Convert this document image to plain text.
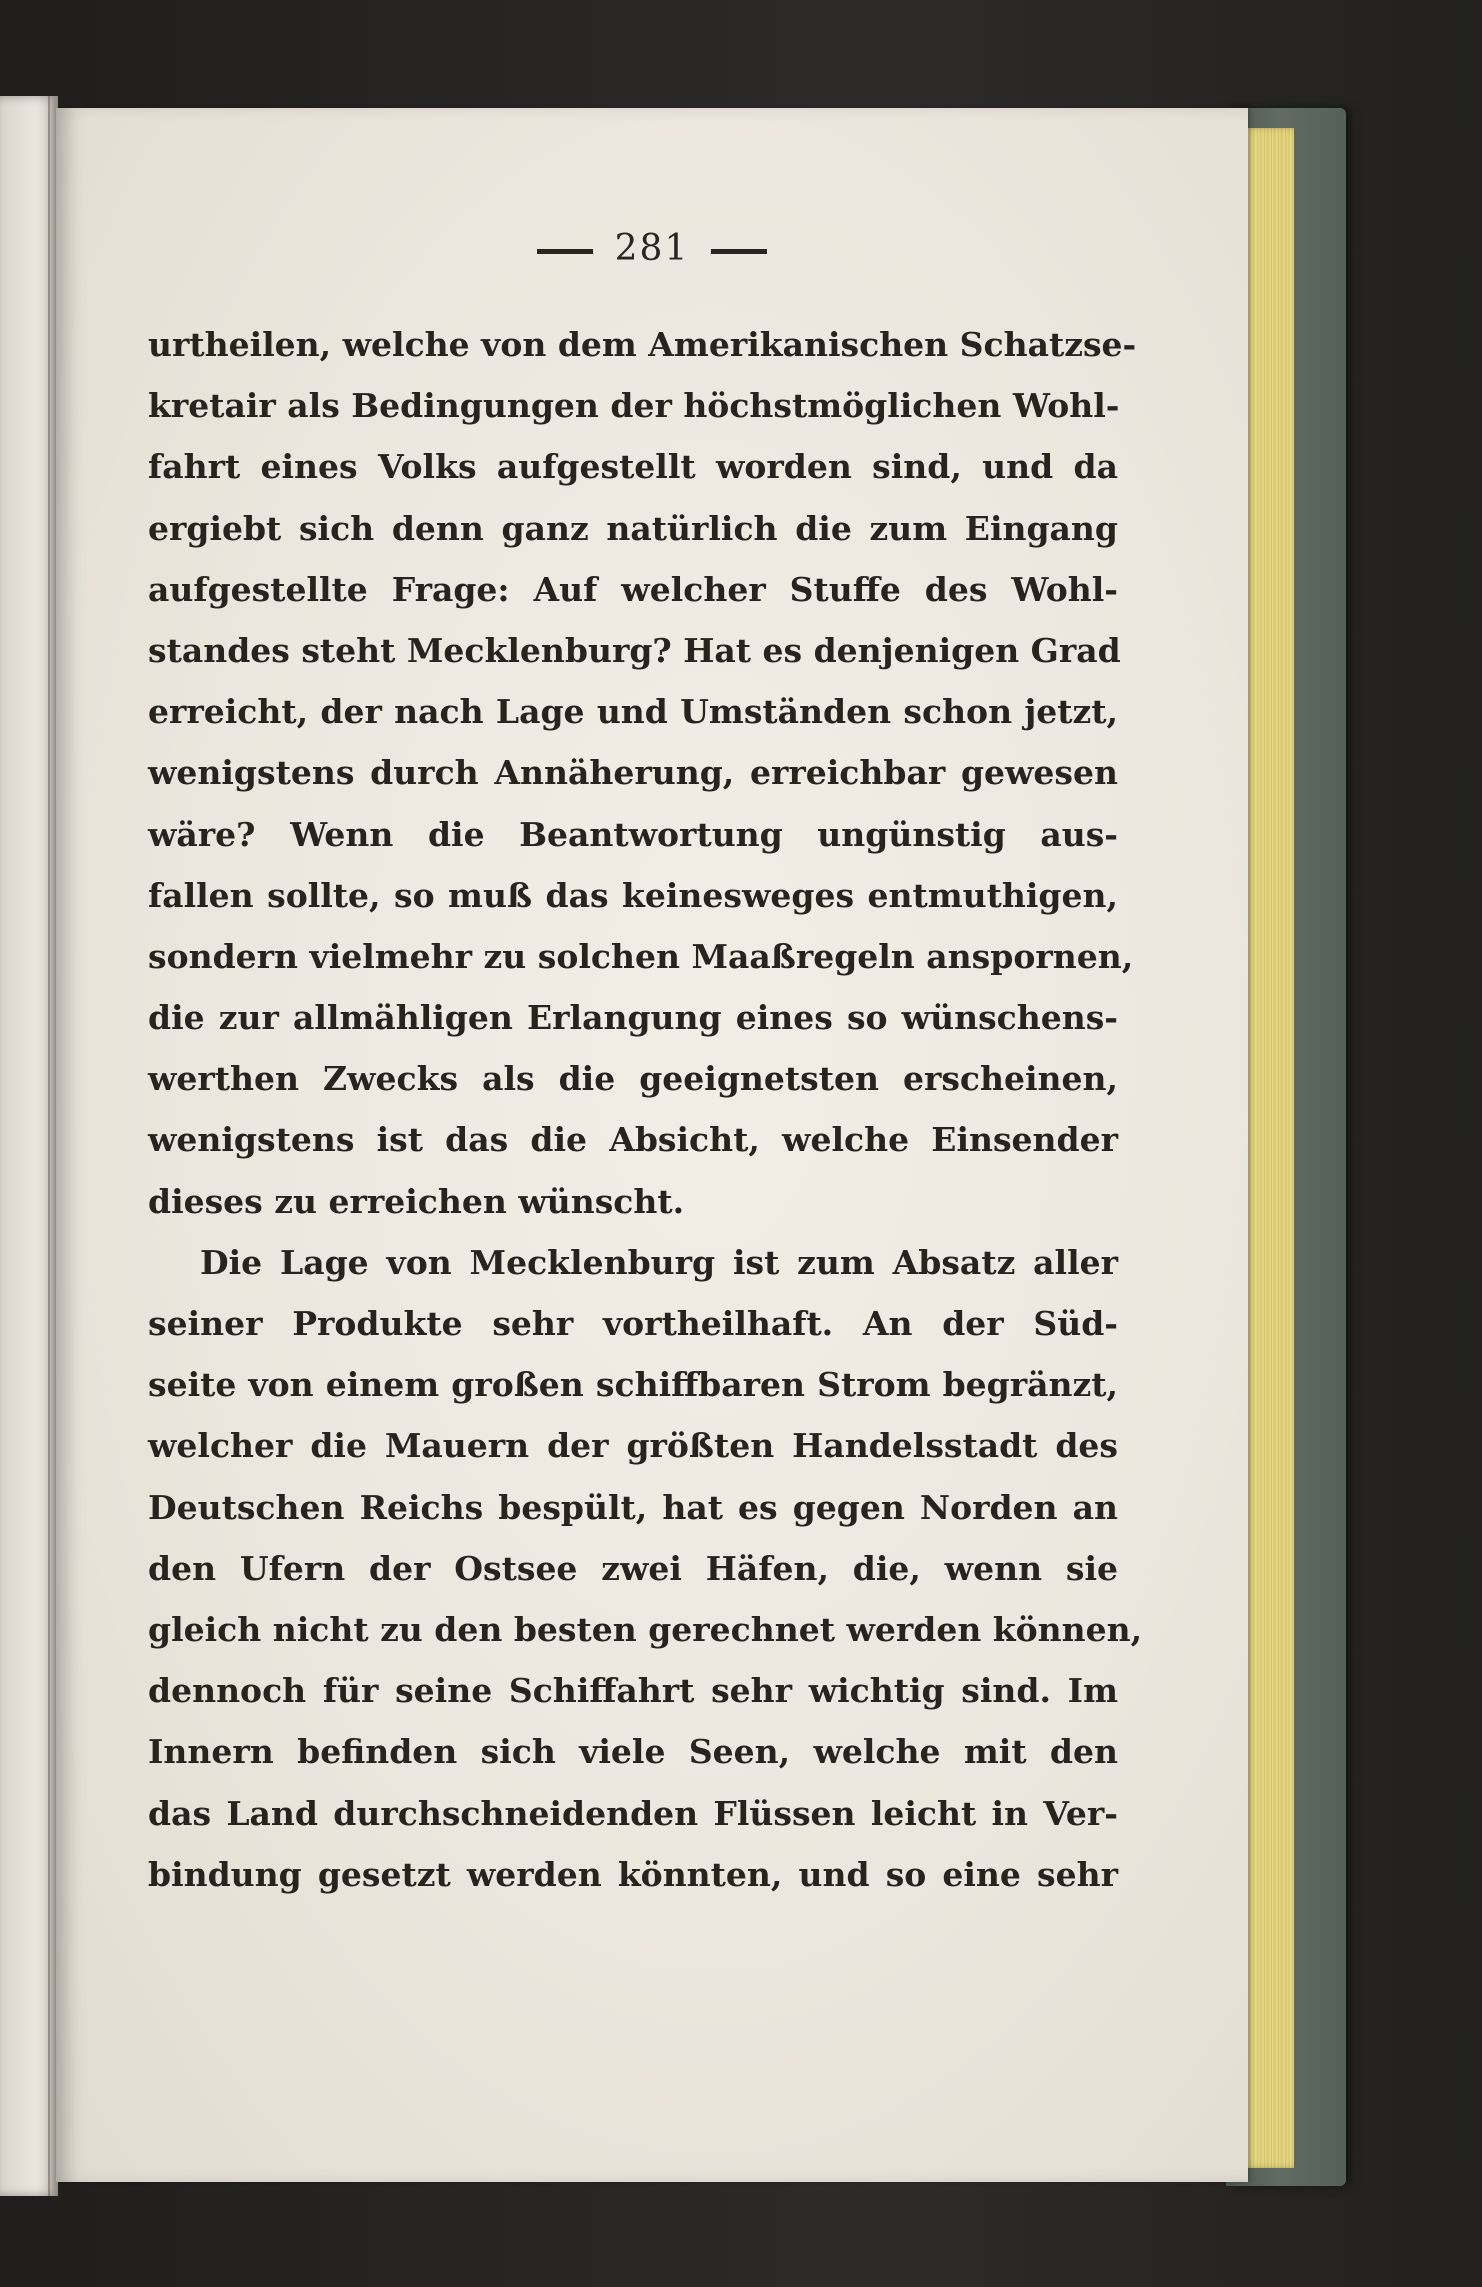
281
urtheilen, welche von dem Amerikanischen Schatzse-
kretair als Bedingungen der höchstmöglichen Wohl-
fahrt eines Volks aufgestellt worden sind, und da
ergiebt sich denn ganz natürlich die zum Eingang
aufgestellte Frage: Auf welcher Stuffe des Wohl-
standes steht Mecklenburg? Hat es denjenigen Grad
erreicht, der nach Lage und Umständen schon jetzt,
wenigstens durch Annäherung, erreichbar gewesen
wäre? Wenn die Beantwortung ungünstig aus-
fallen sollte, so muß das keinesweges entmuthigen,
sondern vielmehr zu solchen Maaßregeln anspornen,
die zur allmähligen Erlangung eines so wünschens-
werthen Zwecks als die geeignetsten erscheinen,
wenigstens ist das die Absicht, welche Einsender
dieses zu erreichen wünscht.
Die Lage von Mecklenburg ist zum Absatz aller
seiner Produkte sehr vortheilhaft. An der Süd-
seite von einem großen schiffbaren Strom begränzt,
welcher die Mauern der größten Handelsstadt des
Deutschen Reichs bespült, hat es gegen Norden an
den Ufern der Ostsee zwei Häfen, die, wenn sie
gleich nicht zu den besten gerechnet werden können,
dennoch für seine Schiffahrt sehr wichtig sind. Im
Innern befinden sich viele Seen, welche mit den
das Land durchschneidenden Flüssen leicht in Ver-
bindung gesetzt werden könnten, und so eine sehr
